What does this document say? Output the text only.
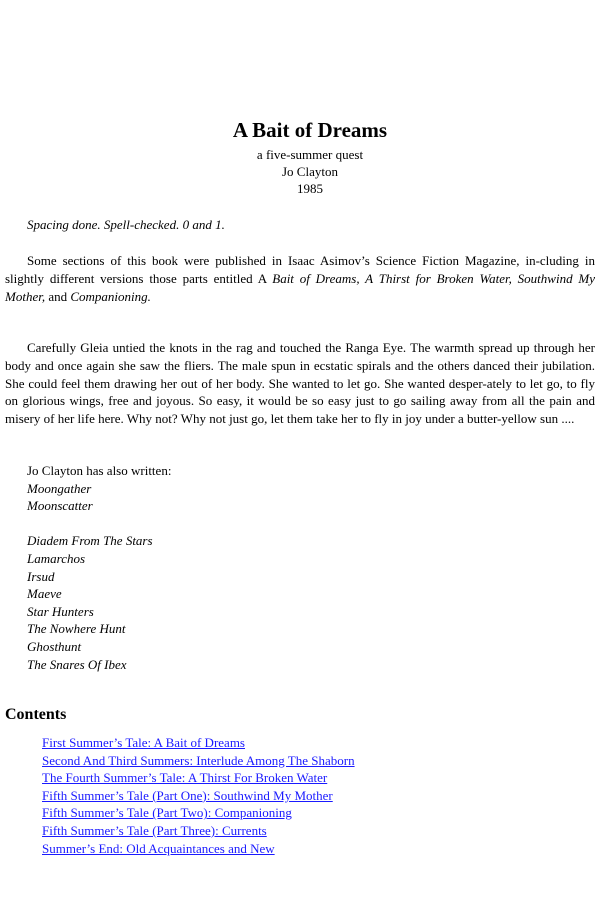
A Bait of Dreams
a five-summer quest
Jo Clayton
1985

Spacing done. Spell-checked. 0 and 1.

Some sections of this book were published in Isaac Asimov’s Science Fiction Magazine, in-cluding in slightly different versions those parts entitled A Bait of Dreams, A Thirst for Broken Water, Southwind My Mother, and Companioning.

Carefully Gleia untied the knots in the rag and touched the Ranga Eye. The warmth spread up through her body and once again she saw the fliers. The male spun in ecstatic spirals and the others danced their jubilation. She could feel them drawing her out of her body. She wanted to let go. She wanted desper-ately to let go, to fly on glorious wings, free and joyous. So easy, it would be so easy just to go sailing away from all the pain and misery of her life here. Why not? Why not just go, let them take her to fly in joy under a butter-yellow sun ....

Jo Clayton has also written:
Moongather
Moonscatter
Diadem From The Stars
Lamarchos
Irsud
Maeve
Star Hunters
The Nowhere Hunt
Ghosthunt
The Snares Of Ibex
Contents
First Summer’s Tale: A Bait of Dreams
Second And Third Summers: Interlude Among The Shaborn
The Fourth Summer’s Tale: A Thirst For Broken Water
Fifth Summer’s Tale (Part One): Southwind My Mother
Fifth Summer’s Tale (Part Two): Companioning
Fifth Summer’s Tale (Part Three): Currents
Summer’s End: Old Acquaintances and New
